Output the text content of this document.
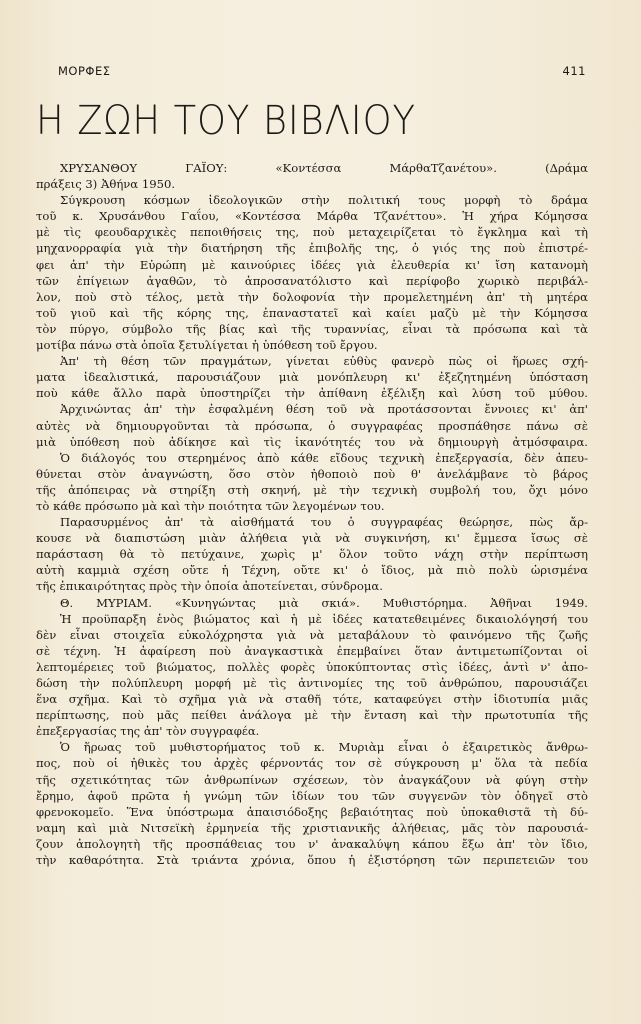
ΜΟΡΦΕΣ	411
Η ΖΩΗ ΤΟΥ ΒΙΒΛΙΟΥ
ΧΡΥΣΑΝΘΟΥ ΓΑΪΟΥ: «Κοντέσσα ΜάρθαΤζανέτου». (Δράμα
πράξεις 3) Ἀθήνα 1950.
Σύγκρουση κόσμων ἰδεολογικῶν στὴν πολιτική τους μορφὴ τὸ δράμα
τοῦ κ. Χρυσάνθου Γαΐου, «Κοντέσσα Μάρθα Τζανέττου». Ἡ χήρα Κόμησσα
μὲ τὶς φεουδαρχικὲς πεποιθήσεις της, ποὺ μεταχειρίζεται τὸ ἔγκλημα καὶ τὴ
μηχανορραφία γιὰ τὴν διατήρηση τῆς ἐπιβολῆς της, ὁ γιός της ποὺ ἐπιστρέ-
φει ἀπ' τὴν Εὐρώπη μὲ καινούριες ἰδέες γιὰ ἐλευθερία κι' ἴση κατανομὴ
τῶν ἐπίγειων ἀγαθῶν, τὸ ἀπροσανατόλιστο καὶ περίφοβο χωρικὸ περιβάλ-
λον, ποὺ στὸ τέλος, μετὰ τὴν δολοφονία τὴν προμελετημένη ἀπ' τὴ μητέρα
τοῦ γιοῦ καὶ τῆς κόρης της, ἐπαναστατεῖ καὶ καίει μαζὺ μὲ τὴν Κόμησσα
τὸν πύργο, σύμβολο τῆς βίας καὶ τῆς τυραννίας, εἶναι τὰ πρόσωπα καὶ τὰ
μοτίβα πάνω στὰ ὁποῖα ξετυλίγεται ἡ ὑπόθεση τοῦ ἔργου.
Ἀπ' τὴ θέση τῶν πραγμάτων, γίνεται εὐθὺς φανερὸ πὼς οἱ ἥρωες σχή-
ματα ἰδεαλιστικά, παρουσιάζουν μιὰ μονόπλευρη κι' ἐξεζητημένη ὑπόσταση
ποὺ κάθε ἄλλο παρὰ ὑποστηρίζει τὴν ἀπίθανη ἐξέλιξη καὶ λύση τοῦ μύθου.
Ἀρχινώντας ἀπ' τὴν ἐσφαλμένη θέση τοῦ νὰ προτάσσονται ἔννοιες κι' ἀπ'
αὐτὲς νὰ δημιουργοῦνται τὰ πρόσωπα, ὁ συγγραφέας προσπάθησε πάνω σὲ
μιὰ ὑπόθεση ποὺ ἀδίκησε καὶ τὶς ἱκανότητές του νὰ δημιουργὴ ἀτμόσφαιρα.
Ὁ διάλογός του στερημένος ἀπὸ κάθε εἴδους τεχνικὴ ἐπεξεργασία, δὲν ἀπευ-
θύνεται στὸν ἀναγνώστη, ὅσο στὸν ἠθοποιὸ ποὺ θ' ἀνελάμβανε τὸ βάρος
τῆς ἀπόπειρας νὰ στηρίξη στὴ σκηνή, μὲ τὴν τεχνικὴ συμβολή του, ὄχι μόνο
τὸ κάθε πρόσωπο μὰ καὶ τὴν ποιότητα τῶν λεγομένων του.
Παρασυρμένος ἀπ' τὰ αἰσθήματά του ὁ συγγραφέας θεώρησε, πὼς ἄρ-
κουσε νὰ διαπιστώση μιὰν ἀλήθεια γιὰ νὰ συγκινήση, κι' ἔμμεσα ἴσως σὲ
παράσταση θὰ τὸ πετύχαινε, χωρὶς μ' ὅλον τοῦτο νάχη στὴν περίπτωση
αὐτὴ καμμιὰ σχέση οὔτε ἡ Τέχνη, οὔτε κι' ὁ ἴδιος, μὰ πιὸ πολὺ ὡρισμένα
τῆς ἐπικαιρότητας πρὸς τὴν ὁποία ἀποτείνεται, σύνδρομα.
Θ. ΜΥΡΙΑΜ. «Κυνηγώντας μιὰ σκιά». Μυθιστόρημα. Ἀθῆναι 1949.
Ἡ προϋπαρξη ἑνὸς βιώματος καὶ ἡ μὲ ἰδέες κατατεθειμένες δικαιολόγησή του
δὲν εἶναι στοιχεῖα εὐκολόχρηστα γιὰ νὰ μεταβάλουν τὸ φαινόμενο τῆς ζωῆς
σὲ τέχνη. Ἡ ἀφαίρεση ποὺ ἀναγκαστικὰ ἐπεμβαίνει ὅταν ἀντιμετωπίζονται οἱ
λεπτομέρειες τοῦ βιώματος, πολλὲς φορὲς ὑποκύπτοντας στὶς ἰδέες, ἀντὶ ν' ἀπο-
δώση τὴν πολύπλευρη μορφή μὲ τὶς ἀντινομίες της τοῦ ἀνθρώπου, παρουσιάζει
ἕνα σχῆμα. Καὶ τὸ σχῆμα γιὰ νὰ σταθῆ τότε, καταφεύγει στὴν ἰδιοτυπία μιᾶς
περίπτωσης, ποὺ μᾶς πείθει ἀνάλογα μὲ τὴν ἔνταση καὶ τὴν πρωτοτυπία τῆς
ἐπεξεργασίας της ἀπ' τὸν συγγραφέα.
Ὁ ἥρωας τοῦ μυθιστορήματος τοῦ κ. Μυριὰμ εἶναι ὁ ἐξαιρετικὸς ἄνθρω-
πος, ποὺ οἱ ἠθικὲς του ἀρχὲς φέρνοντάς τον σὲ σύγκρουση μ' ὅλα τὰ πεδία
τῆς σχετικότητας τῶν ἀνθρωπίνων σχέσεων, τὸν ἀναγκάζουν νὰ φύγη στὴν
ἔρημο, ἀφοῦ πρῶτα ἡ γνώμη τῶν ἰδίων του τῶν συγγενῶν τὸν ὁδηγεῖ στὸ
φρενοκομεῖο. Ἕνα ὑπόστρωμα ἀπαισιόδοξης βεβαιότητας ποὺ ὑποκαθιστᾶ τὴ δύ-
ναμη καὶ μιὰ Νιτσεϊκὴ ἑρμηνεία τῆς χριστιανικῆς ἀλήθειας, μᾶς τὸν παρουσιά-
ζουν ἀπολογητὴ τῆς προσπάθειας του ν' ἀνακαλύψη κάπου ἔξω ἀπ' τὸν ἴδιο,
τὴν καθαρότητα. Στὰ τριάντα χρόνια, ὅπου ἡ ἐξιστόρηση τῶν περιπετειῶν του
